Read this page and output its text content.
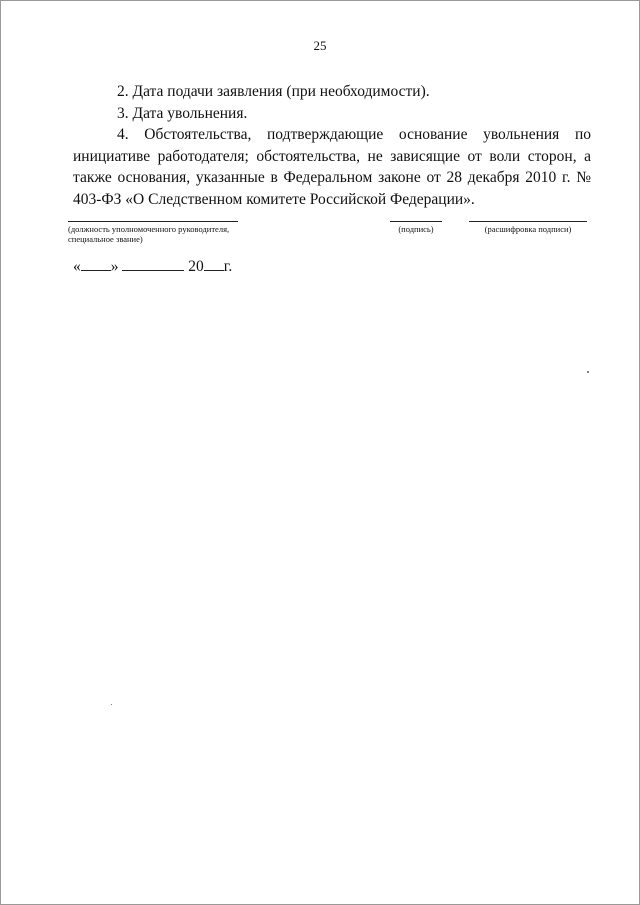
25

2. Дата подачи заявления (при необходимости).

3. Дата увольнения.

4. Обстоятельства, подтверждающие основание увольнения по инициативе работодателя; обстоятельства, не зависящие от воли сторон, а также основания, указанные в Федеральном законе от 28 декабря 2010 г. № 403-ФЗ «О Следственном комитете Российской Федерации».

(должность уполномоченного руководителя, специальное звание)
(подпись)	(расшифровка подписи)
« »	20 г.
